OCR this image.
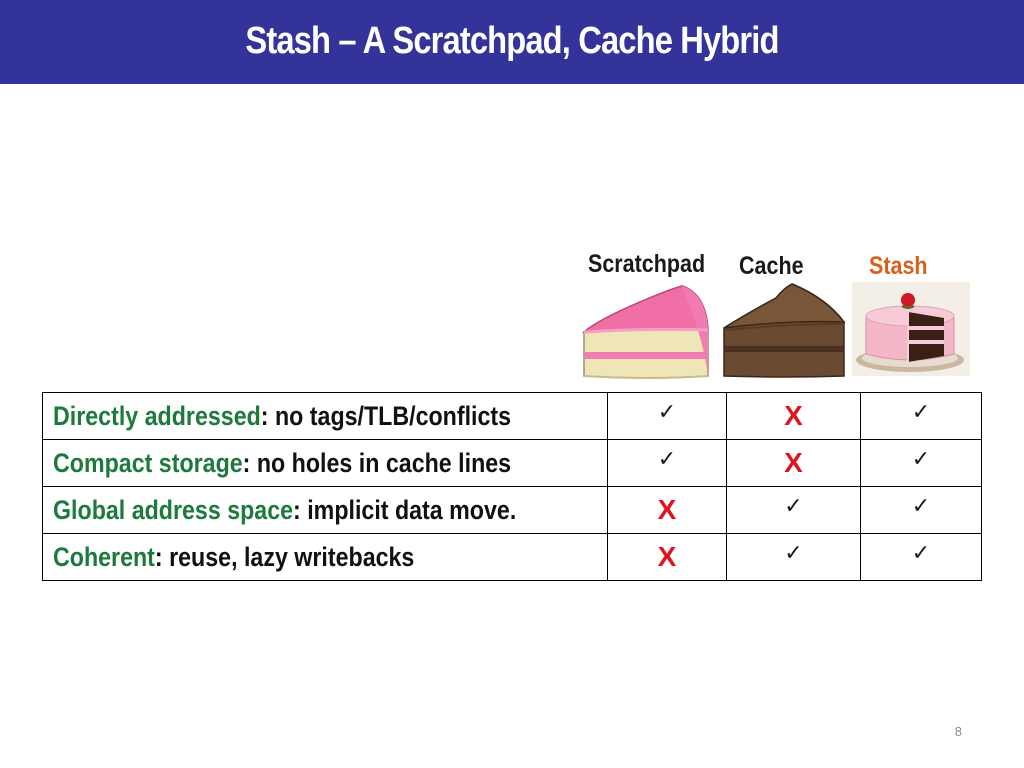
Stash – A Scratchpad, Cache Hybrid
Scratchpad Cache	Stash
Directly addressed: no tags/TLB/conflicts	✓	X	✓
Compact storage: no holes in cache lines	✓	X	✓
Global address space: implicit data move.	X	✓	✓
Coherent: reuse, lazy writebacks	X	✓	✓
8
